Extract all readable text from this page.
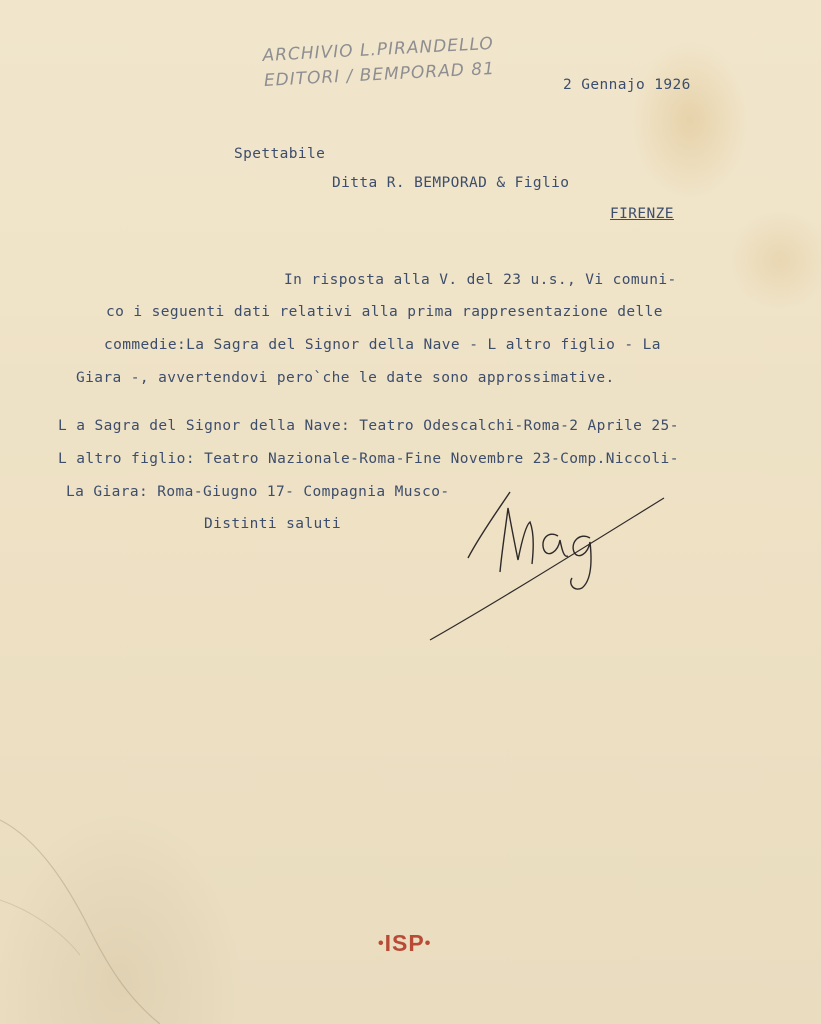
ARCHIVIO L.PIRANDELLO
EDITORI / BEMPORAD 81	2 Gennajo 1926
Spettabile
Ditta R. BEMPORAD & Figlio
FIRENZE
In risposta alla V. del 23 u.s., Vi comuni-
co i seguenti dati relativi alla prima rappresentazione delle
commedie:La Sagra del Signor della Nave - L altro figlio - La
Giara -, avvertendovi pero`che le date sono approssimative.
L a Sagra del Signor della Nave: Teatro Odescalchi-Roma-2 Aprile 25-
L altro figlio: Teatro Nazionale-Roma-Fine Novembre 23-Comp.Niccoli-
La Giara: Roma-Giugno 17- Compagnia Musco-
Distinti saluti
•ISP•
